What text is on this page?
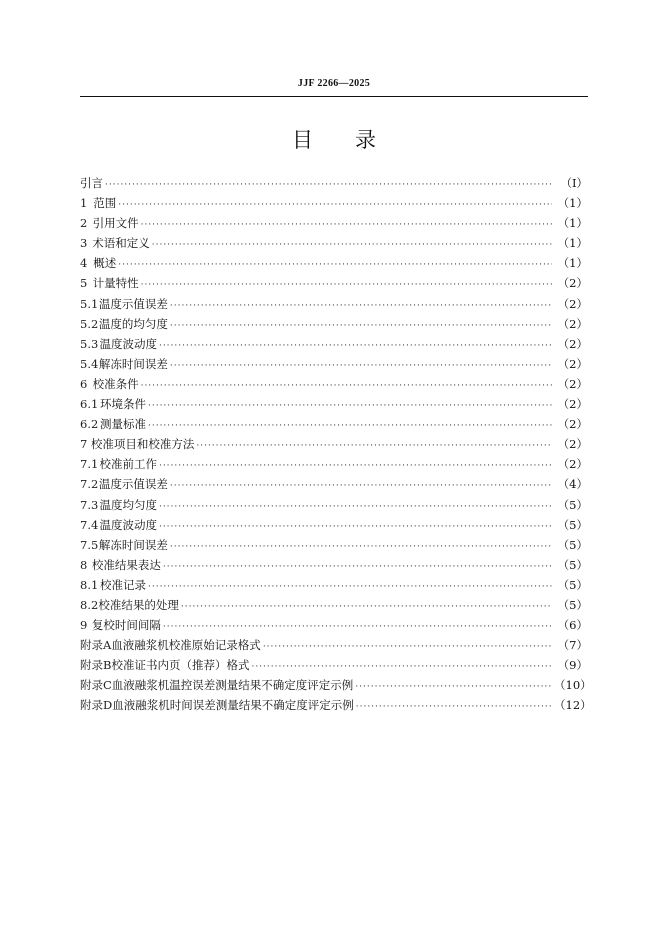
JJF 2266—2025
目　　录
引言 ·····	（Ⅰ）
1 范围 ·····	（1）
2 引用文件 ·····	（1）
3 术语和定义 ·····	（1）
4 概述 ·····	（1）
5 计量特性 ·····	（2）
5.1 温度示值误差 ·····	（2）
5.2 温度的均匀度 ·····	（2）
5.3 温度波动度 ·····	（2）
5.4 解冻时间误差 ·····	（2）
6 校准条件 ·····	（2）
6.1 环境条件 ·····	（2）
6.2 测量标准 ·····	（2）
7 校准项目和校准方法 ·····	（2）
7.1 校准前工作 ·····	（2）
7.2 温度示值误差 ·····	（4）
7.3 温度均匀度 ·····	（5）
7.4 温度波动度 ·····	（5）
7.5 解冻时间误差 ·····	（5）
8 校准结果表达 ·····	（5）
8.1 校准记录 ·····	（5）
8.2 校准结果的处理 ·····	（5）
9 复校时间间隔 ·····	（6）
附录A 血液融浆机校准原始记录格式 ·····	（7）
附录B 校准证书内页（推荐）格式 ·····	（9）
附录C 血液融浆机温控误差测量结果不确定度评定示例 ·····	（10）
附录D 血液融浆机时间误差测量结果不确定度评定示例 ·····	（12）
